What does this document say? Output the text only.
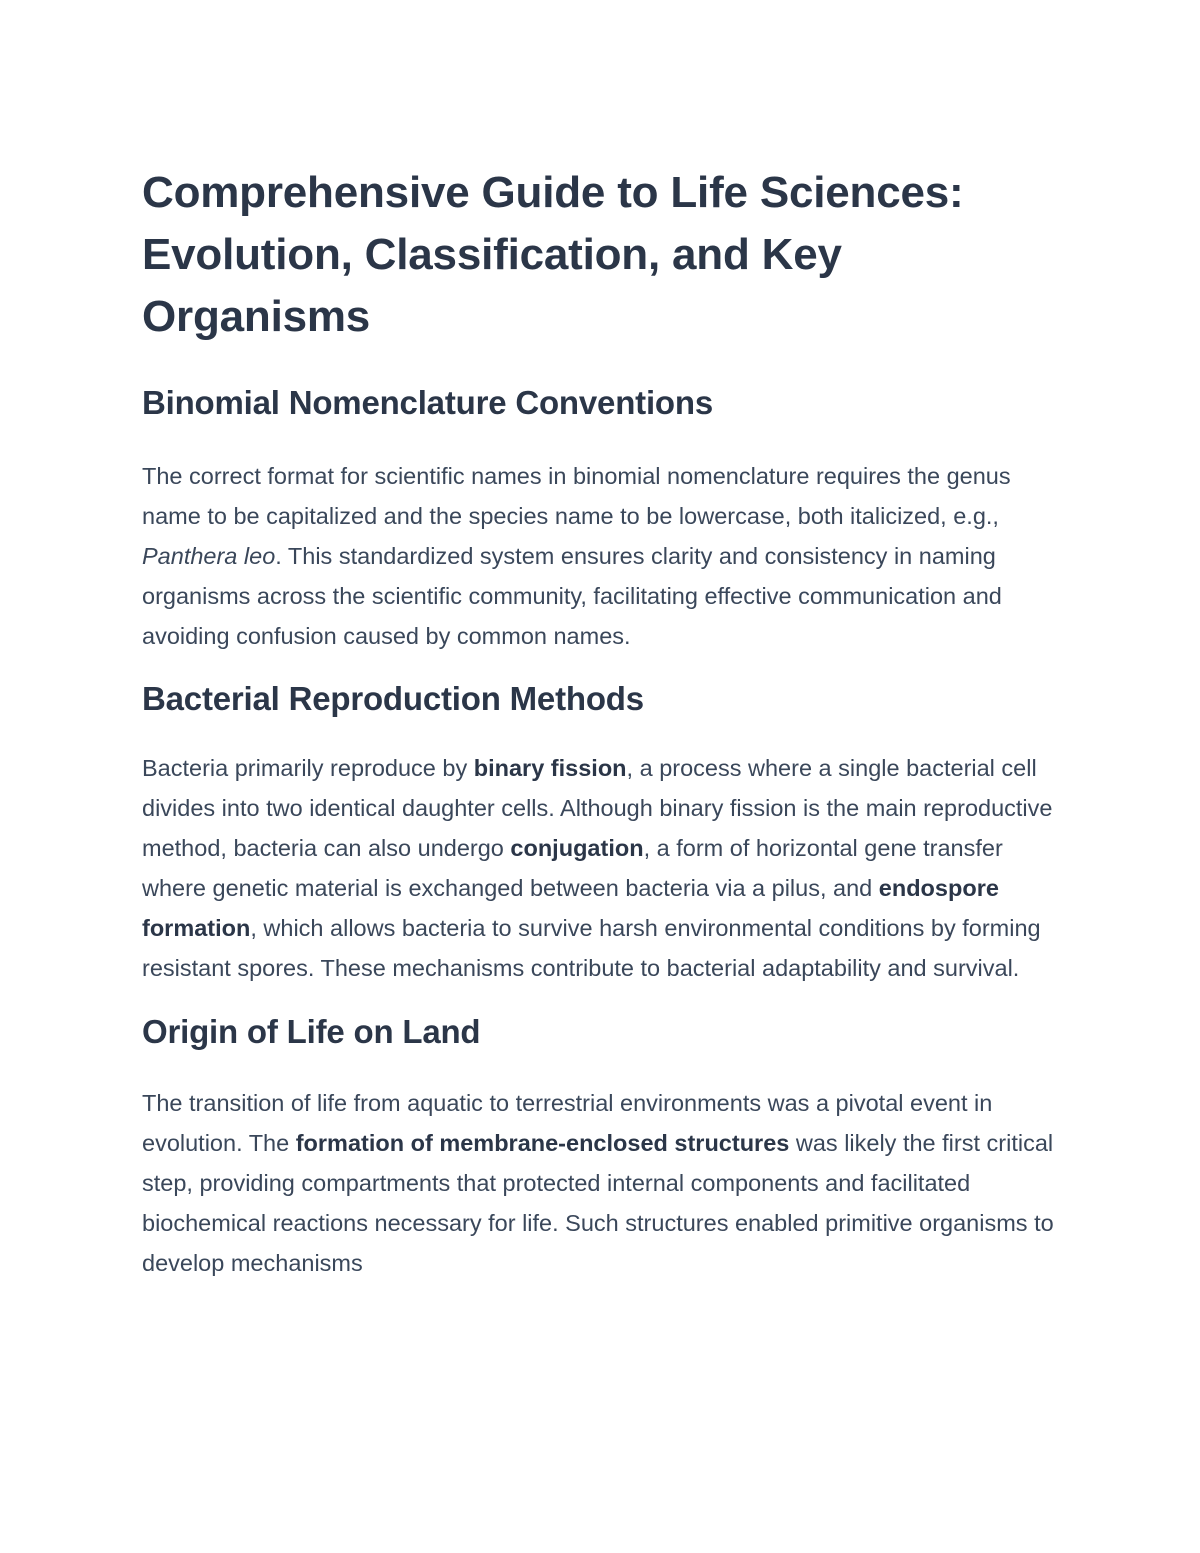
Comprehensive Guide to Life Sciences: Evolution, Classification, and Key Organisms
Binomial Nomenclature Conventions

The correct format for scientific names in binomial nomenclature requires the genus name to be capitalized and the species name to be lowercase, both italicized, e.g., Panthera leo. This standardized system ensures clarity and consistency in naming organisms across the scientific community, facilitating effective communication and avoiding confusion caused by common names.

Bacterial Reproduction Methods

Bacteria primarily reproduce by binary fission, a process where a single bacterial cell divides into two identical daughter cells. Although binary fission is the main reproductive method, bacteria can also undergo conjugation, a form of horizontal gene transfer where genetic material is exchanged between bacteria via a pilus, and endospore formation, which allows bacteria to survive harsh environmental conditions by forming resistant spores. These mechanisms contribute to bacterial adaptability and survival.

Origin of Life on Land

The transition of life from aquatic to terrestrial environments was a pivotal event in evolution. The formation of membrane-enclosed structures was likely the first critical step, providing compartments that protected internal components and facilitated biochemical reactions necessary for life. Such structures enabled primitive organisms to develop mechanisms
